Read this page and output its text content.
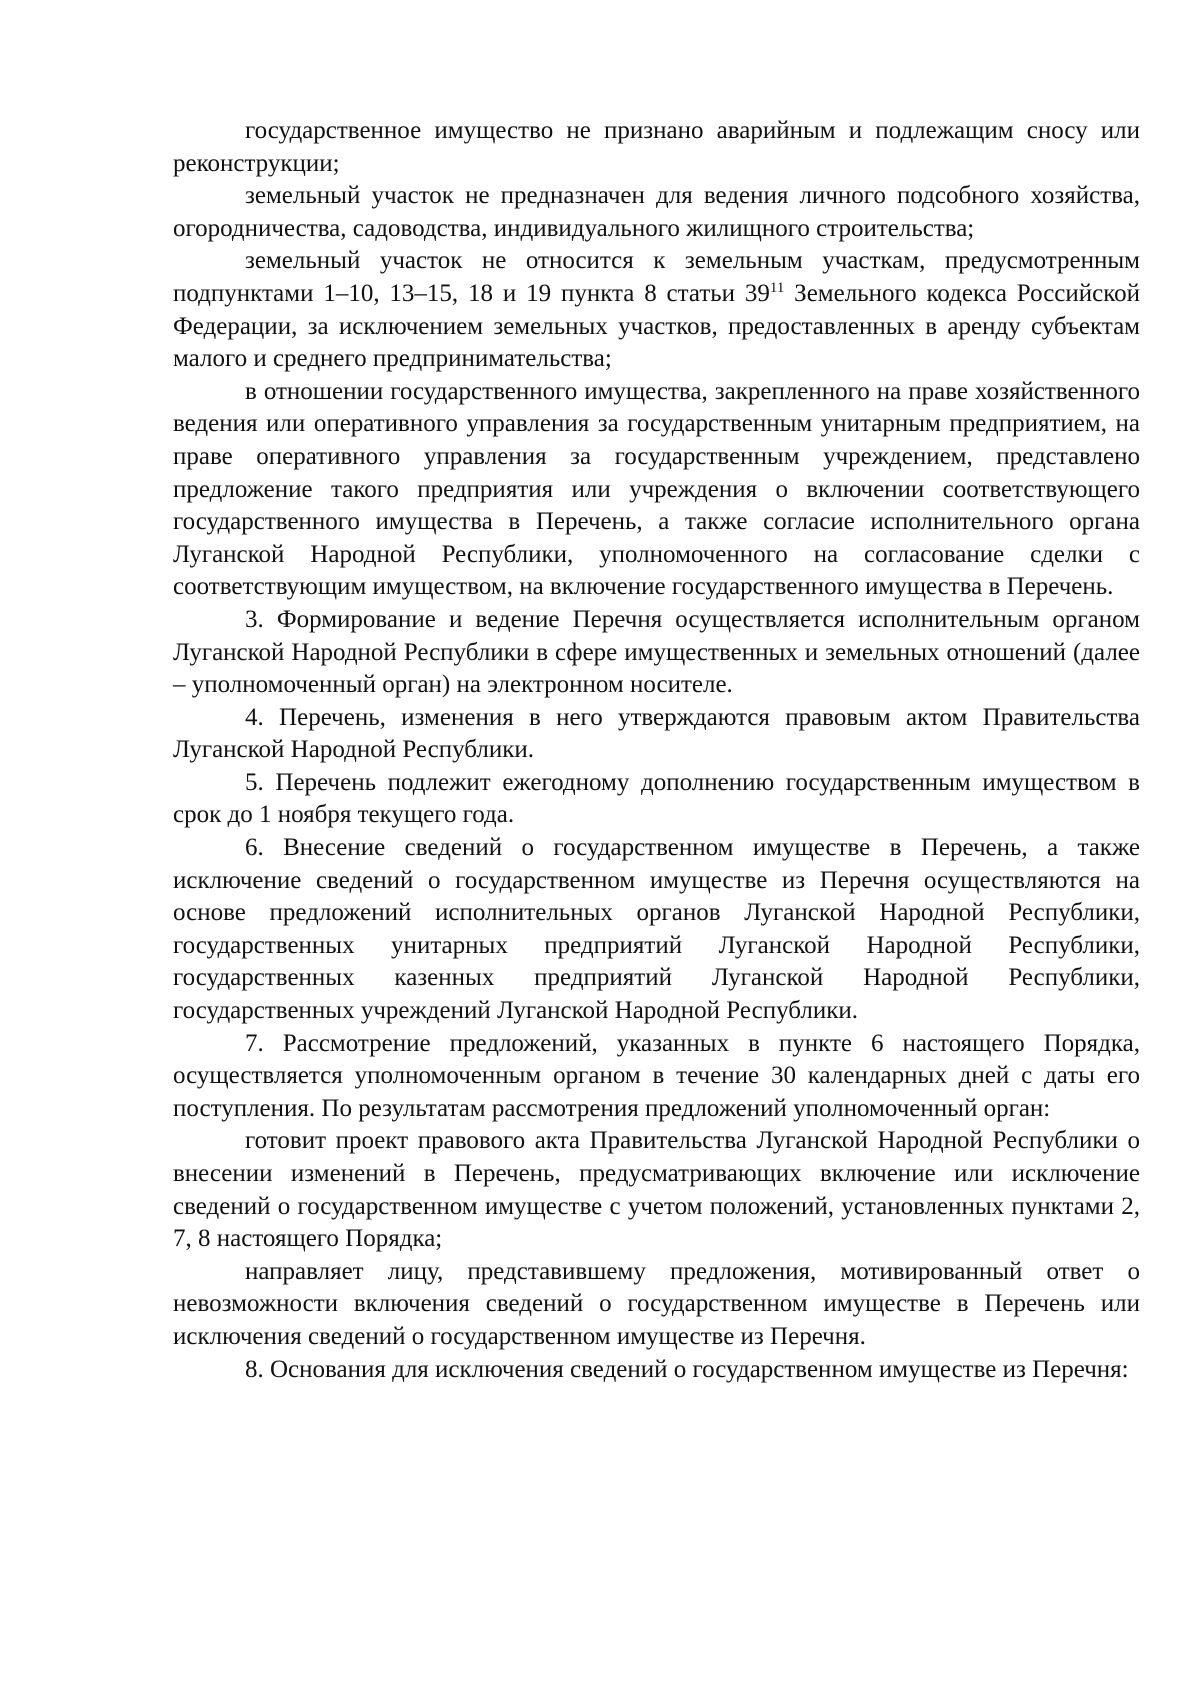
государственное имущество не признано аварийным и подлежащим сносу или реконструкции;

земельный участок не предназначен для ведения личного подсобного хозяйства, огородничества, садоводства, индивидуального жилищного строительства;

земельный участок не относится к земельным участкам, предусмотренным подпунктами 1–10, 13–15, 18 и 19 пункта 8 статьи $39^{11}$ Земельного кодекса Российской Федерации, за исключением земельных участков, предоставленных в аренду субъектам малого и среднего предпринимательства;

в отношении государственного имущества, закрепленного на праве хозяйственного ведения или оперативного управления за государственным унитарным предприятием, на праве оперативного управления за государственным учреждением, представлено предложение такого предприятия или учреждения о включении соответствующего государственного имущества в Перечень, а также согласие исполнительного органа Луганской Народной Республики, уполномоченного на согласование сделки с соответствующим имуществом, на включение государственного имущества в Перечень.

3. Формирование и ведение Перечня осуществляется исполнительным органом Луганской Народной Республики в сфере имущественных и земельных отношений (далее – уполномоченный орган) на электронном носителе.

4. Перечень, изменения в него утверждаются правовым актом Правительства Луганской Народной Республики.

5. Перечень подлежит ежегодному дополнению государственным имуществом в срок до 1 ноября текущего года.

6. Внесение сведений о государственном имуществе в Перечень, а также исключение сведений о государственном имуществе из Перечня осуществляются на основе предложений исполнительных органов Луганской Народной Республики, государственных унитарных предприятий Луганской Народной Республики, государственных казенных предприятий Луганской Народной Республики, государственных учреждений Луганской Народной Республики.

7. Рассмотрение предложений, указанных в пункте 6 настоящего Порядка, осуществляется уполномоченным органом в течение 30 календарных дней с даты его поступления. По результатам рассмотрения предложений уполномоченный орган:

готовит проект правового акта Правительства Луганской Народной Республики о внесении изменений в Перечень, предусматривающих включение или исключение сведений о государственном имуществе с учетом положений, установленных пунктами 2, 7, 8 настоящего Порядка;

направляет лицу, представившему предложения, мотивированный ответ о невозможности включения сведений о государственном имуществе в Перечень или исключения сведений о государственном имуществе из Перечня.

8. Основания для исключения сведений о государственном имуществе из Перечня:
